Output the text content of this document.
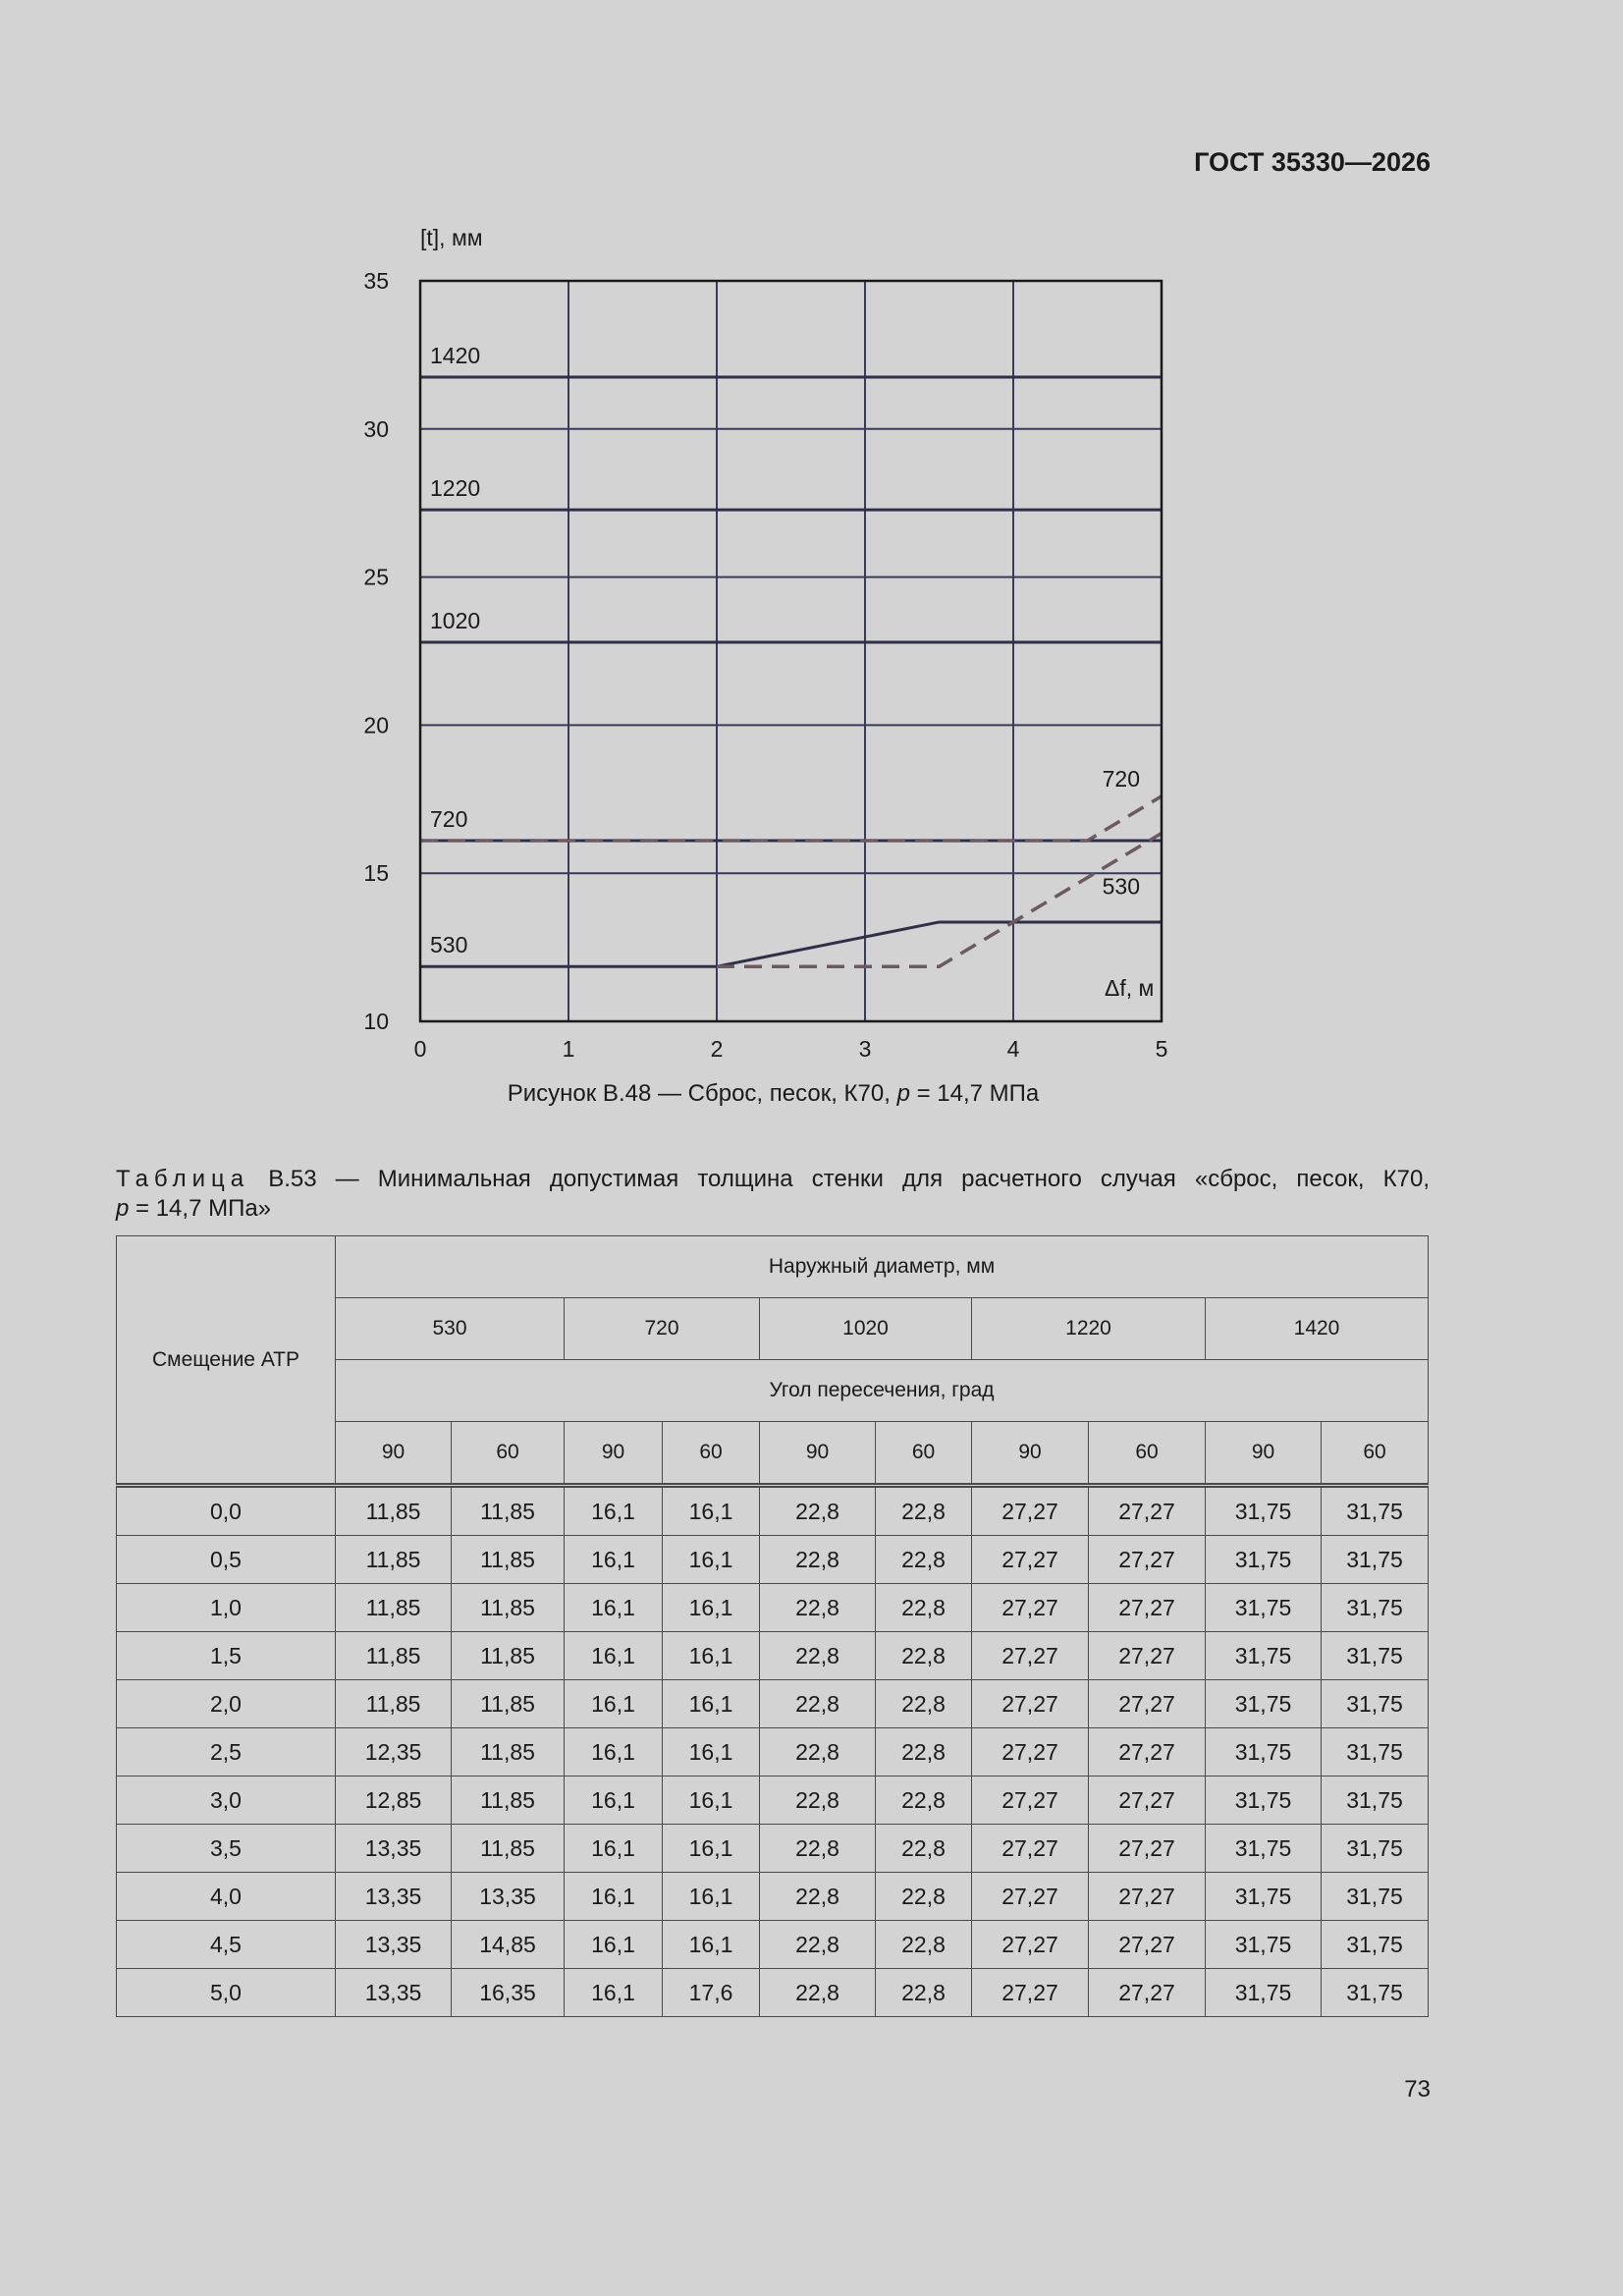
ГОСТ 35330—2026
0	1	2	3	4	5
10
15
20
25
30
35
[t], мм
Δf, м
1420
1220
1020
720
530
720
530
Рисунок В.48 — Сброс, песок, К70, p = 14,7 МПа
Таблица В.53 — Минимальная допустимая толщина стенки для расчетного случая «сброс, песок, К70,
p = 14,7 МПа»
Смещение АТР	Наружный диаметр, мм									
	530		720		1020		1220		1420	
	Угол пересечения, град									
	90	60	90	60	90	60	90	60	90	60
0,0	11,85	11,85	16,1	16,1	22,8	22,8	27,27	27,27	31,75	31,75
0,5	11,85	11,85	16,1	16,1	22,8	22,8	27,27	27,27	31,75	31,75
1,0	11,85	11,85	16,1	16,1	22,8	22,8	27,27	27,27	31,75	31,75
1,5	11,85	11,85	16,1	16,1	22,8	22,8	27,27	27,27	31,75	31,75
2,0	11,85	11,85	16,1	16,1	22,8	22,8	27,27	27,27	31,75	31,75
2,5	12,35	11,85	16,1	16,1	22,8	22,8	27,27	27,27	31,75	31,75
3,0	12,85	11,85	16,1	16,1	22,8	22,8	27,27	27,27	31,75	31,75
3,5	13,35	11,85	16,1	16,1	22,8	22,8	27,27	27,27	31,75	31,75
4,0	13,35	13,35	16,1	16,1	22,8	22,8	27,27	27,27	31,75	31,75
4,5	13,35	14,85	16,1	16,1	22,8	22,8	27,27	27,27	31,75	31,75
5,0	13,35	16,35	16,1	17,6	22,8	22,8	27,27	27,27	31,75	31,75
73
